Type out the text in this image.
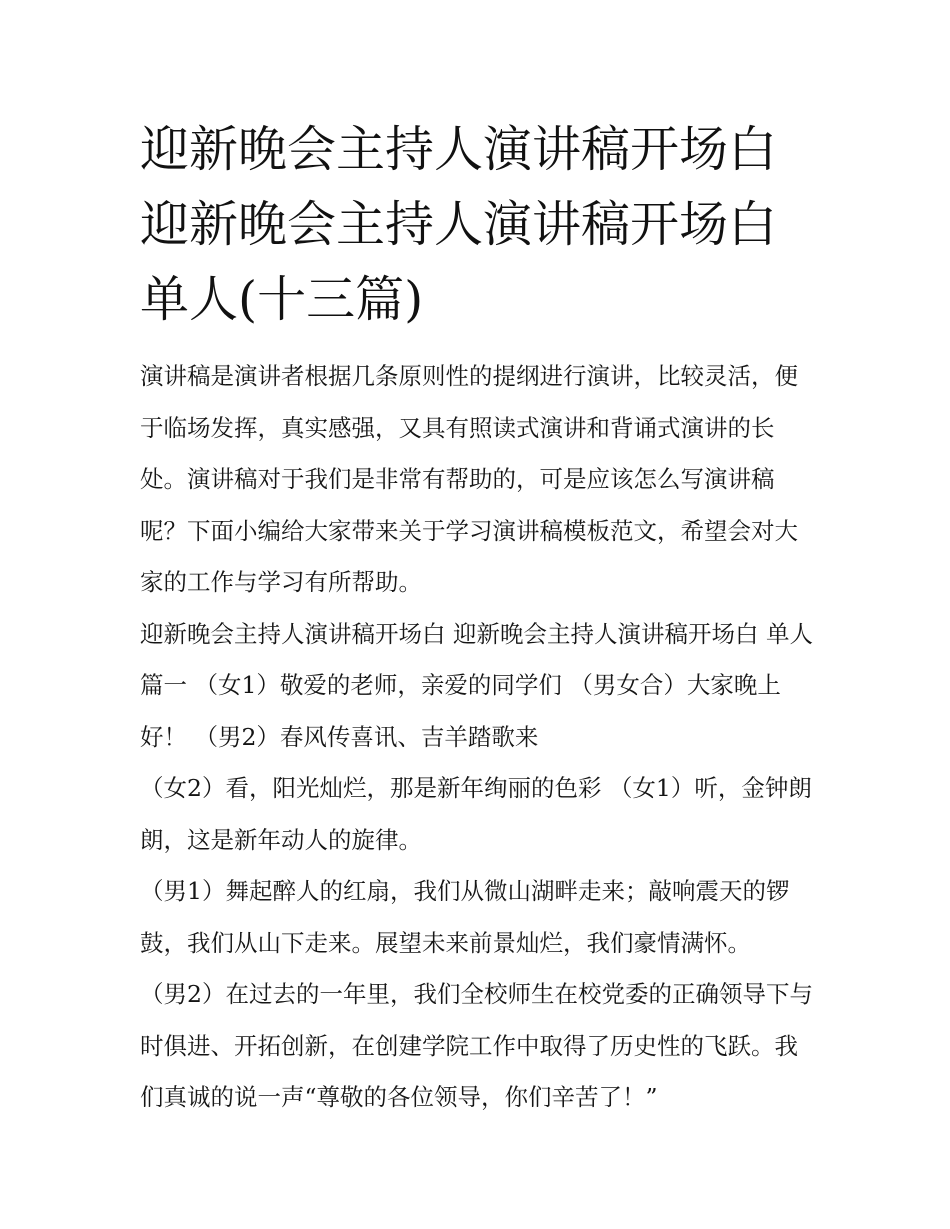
迎新晚会主持人演讲稿开场白 迎新晚会主持人演讲稿开场白 单人(十三篇)

演讲稿是演讲者根据几条原则性的提纲进行演讲，比较灵活，便于临场发挥，真实感强，又具有照读式演讲和背诵式演讲的长处。演讲稿对于我们是非常有帮助的，可是应该怎么写演讲稿呢？下面小编给大家带来关于学习演讲稿模板范文，希望会对大家的工作与学习有所帮助。

迎新晚会主持人演讲稿开场白 迎新晚会主持人演讲稿开场白 单人篇一 （女1）敬爱的老师，亲爱的同学们 （男女合）大家晚上好！ （男2）春风传喜讯、吉羊踏歌来

（女2）看，阳光灿烂，那是新年绚丽的色彩 （女1）听，金钟朗朗，这是新年动人的旋律。

（男1）舞起醉人的红扇，我们从微山湖畔走来；敲响震天的锣鼓，我们从山下走来。展望未来前景灿烂，我们豪情满怀。

（男2）在过去的一年里，我们全校师生在校党委的正确领导下与时俱进、开拓创新，在创建学院工作中取得了历史性的飞跃。我们真诚的说一声“尊敬的各位领导，你们辛苦了！”
